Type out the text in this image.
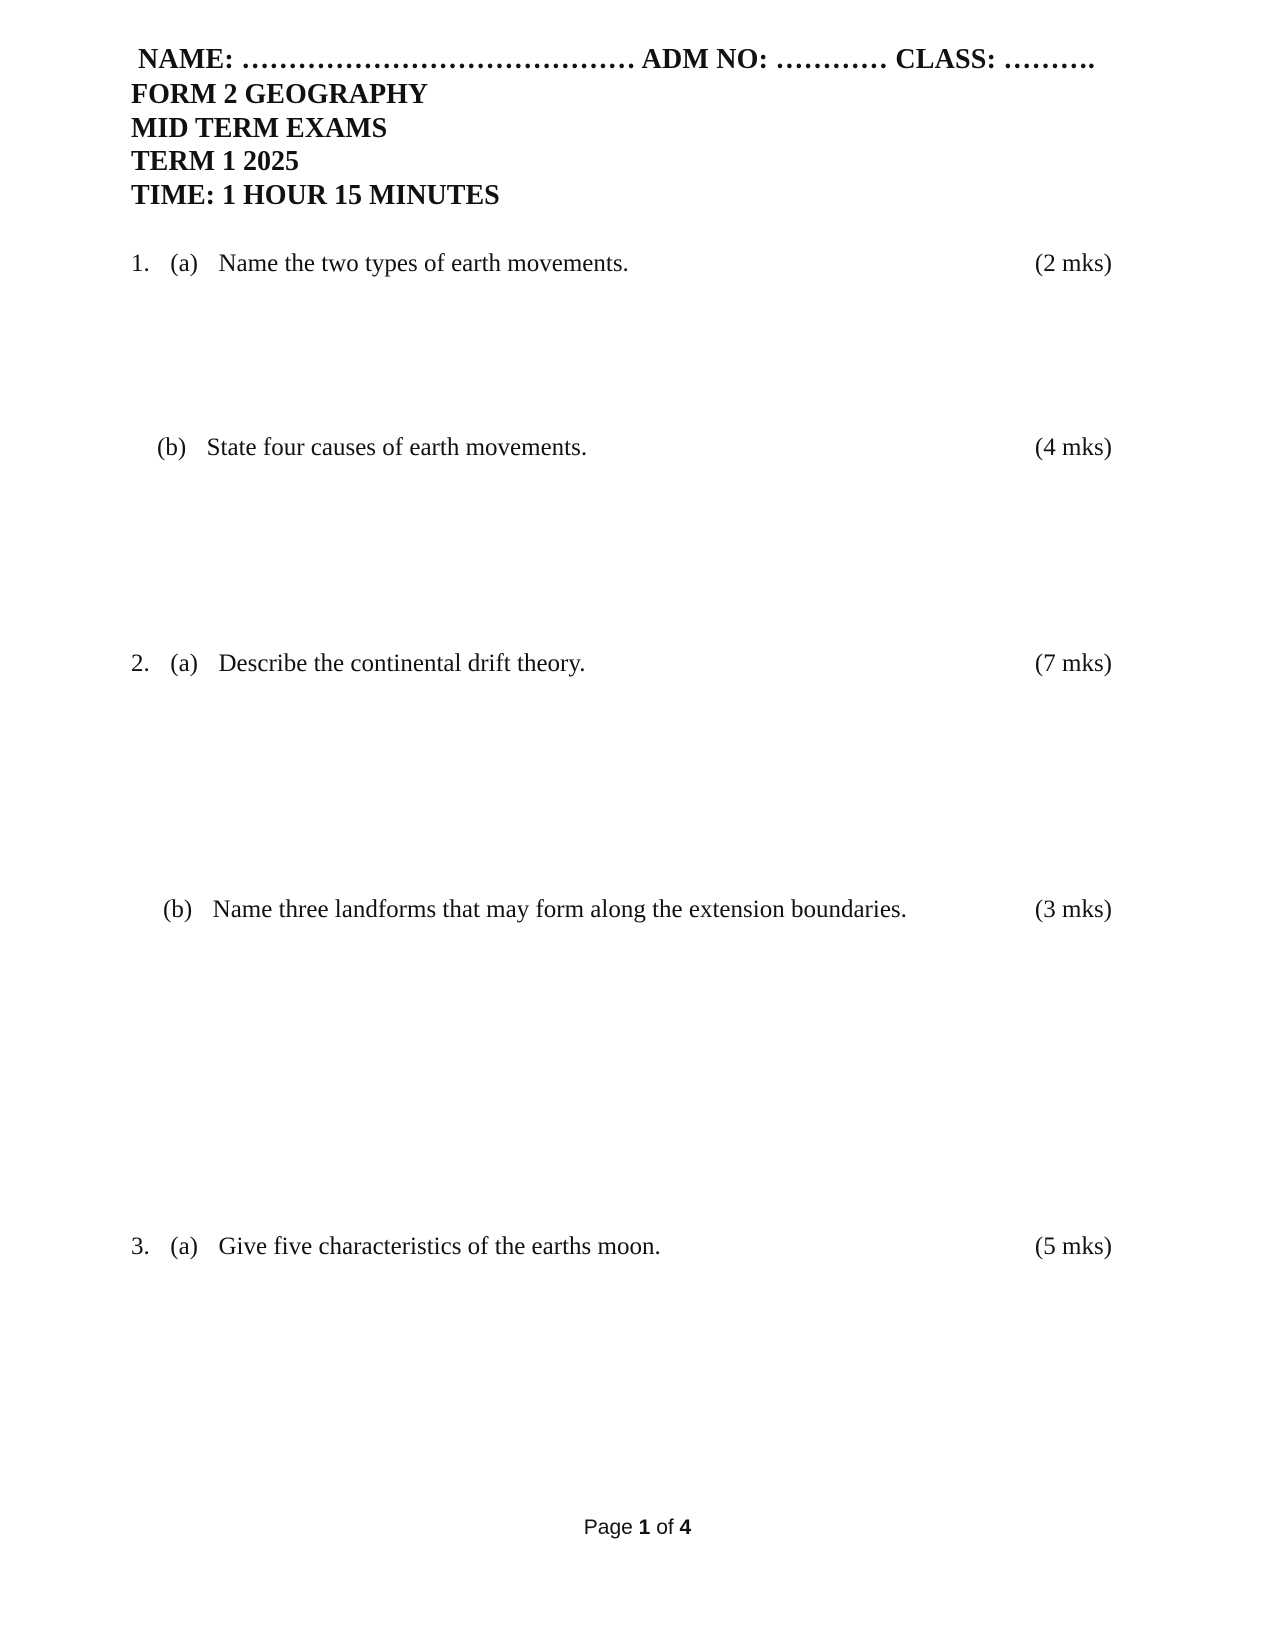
NAME: …………………………………… ADM NO: ………… CLASS: ……….
FORM 2 GEOGRAPHY
MID TERM EXAMS
TERM 1 2025
TIME: 1 HOUR 15 MINUTES
1. (a) Name the two types of earth movements.	(2 mks)
(b) State four causes of earth movements.	(4 mks)
2. (a) Describe the continental drift theory.	(7 mks)
(b) Name three landforms that may form along the extension boundaries.	(3 mks)
3. (a) Give five characteristics of the earths moon.	(5 mks)
Page 1 of 4
